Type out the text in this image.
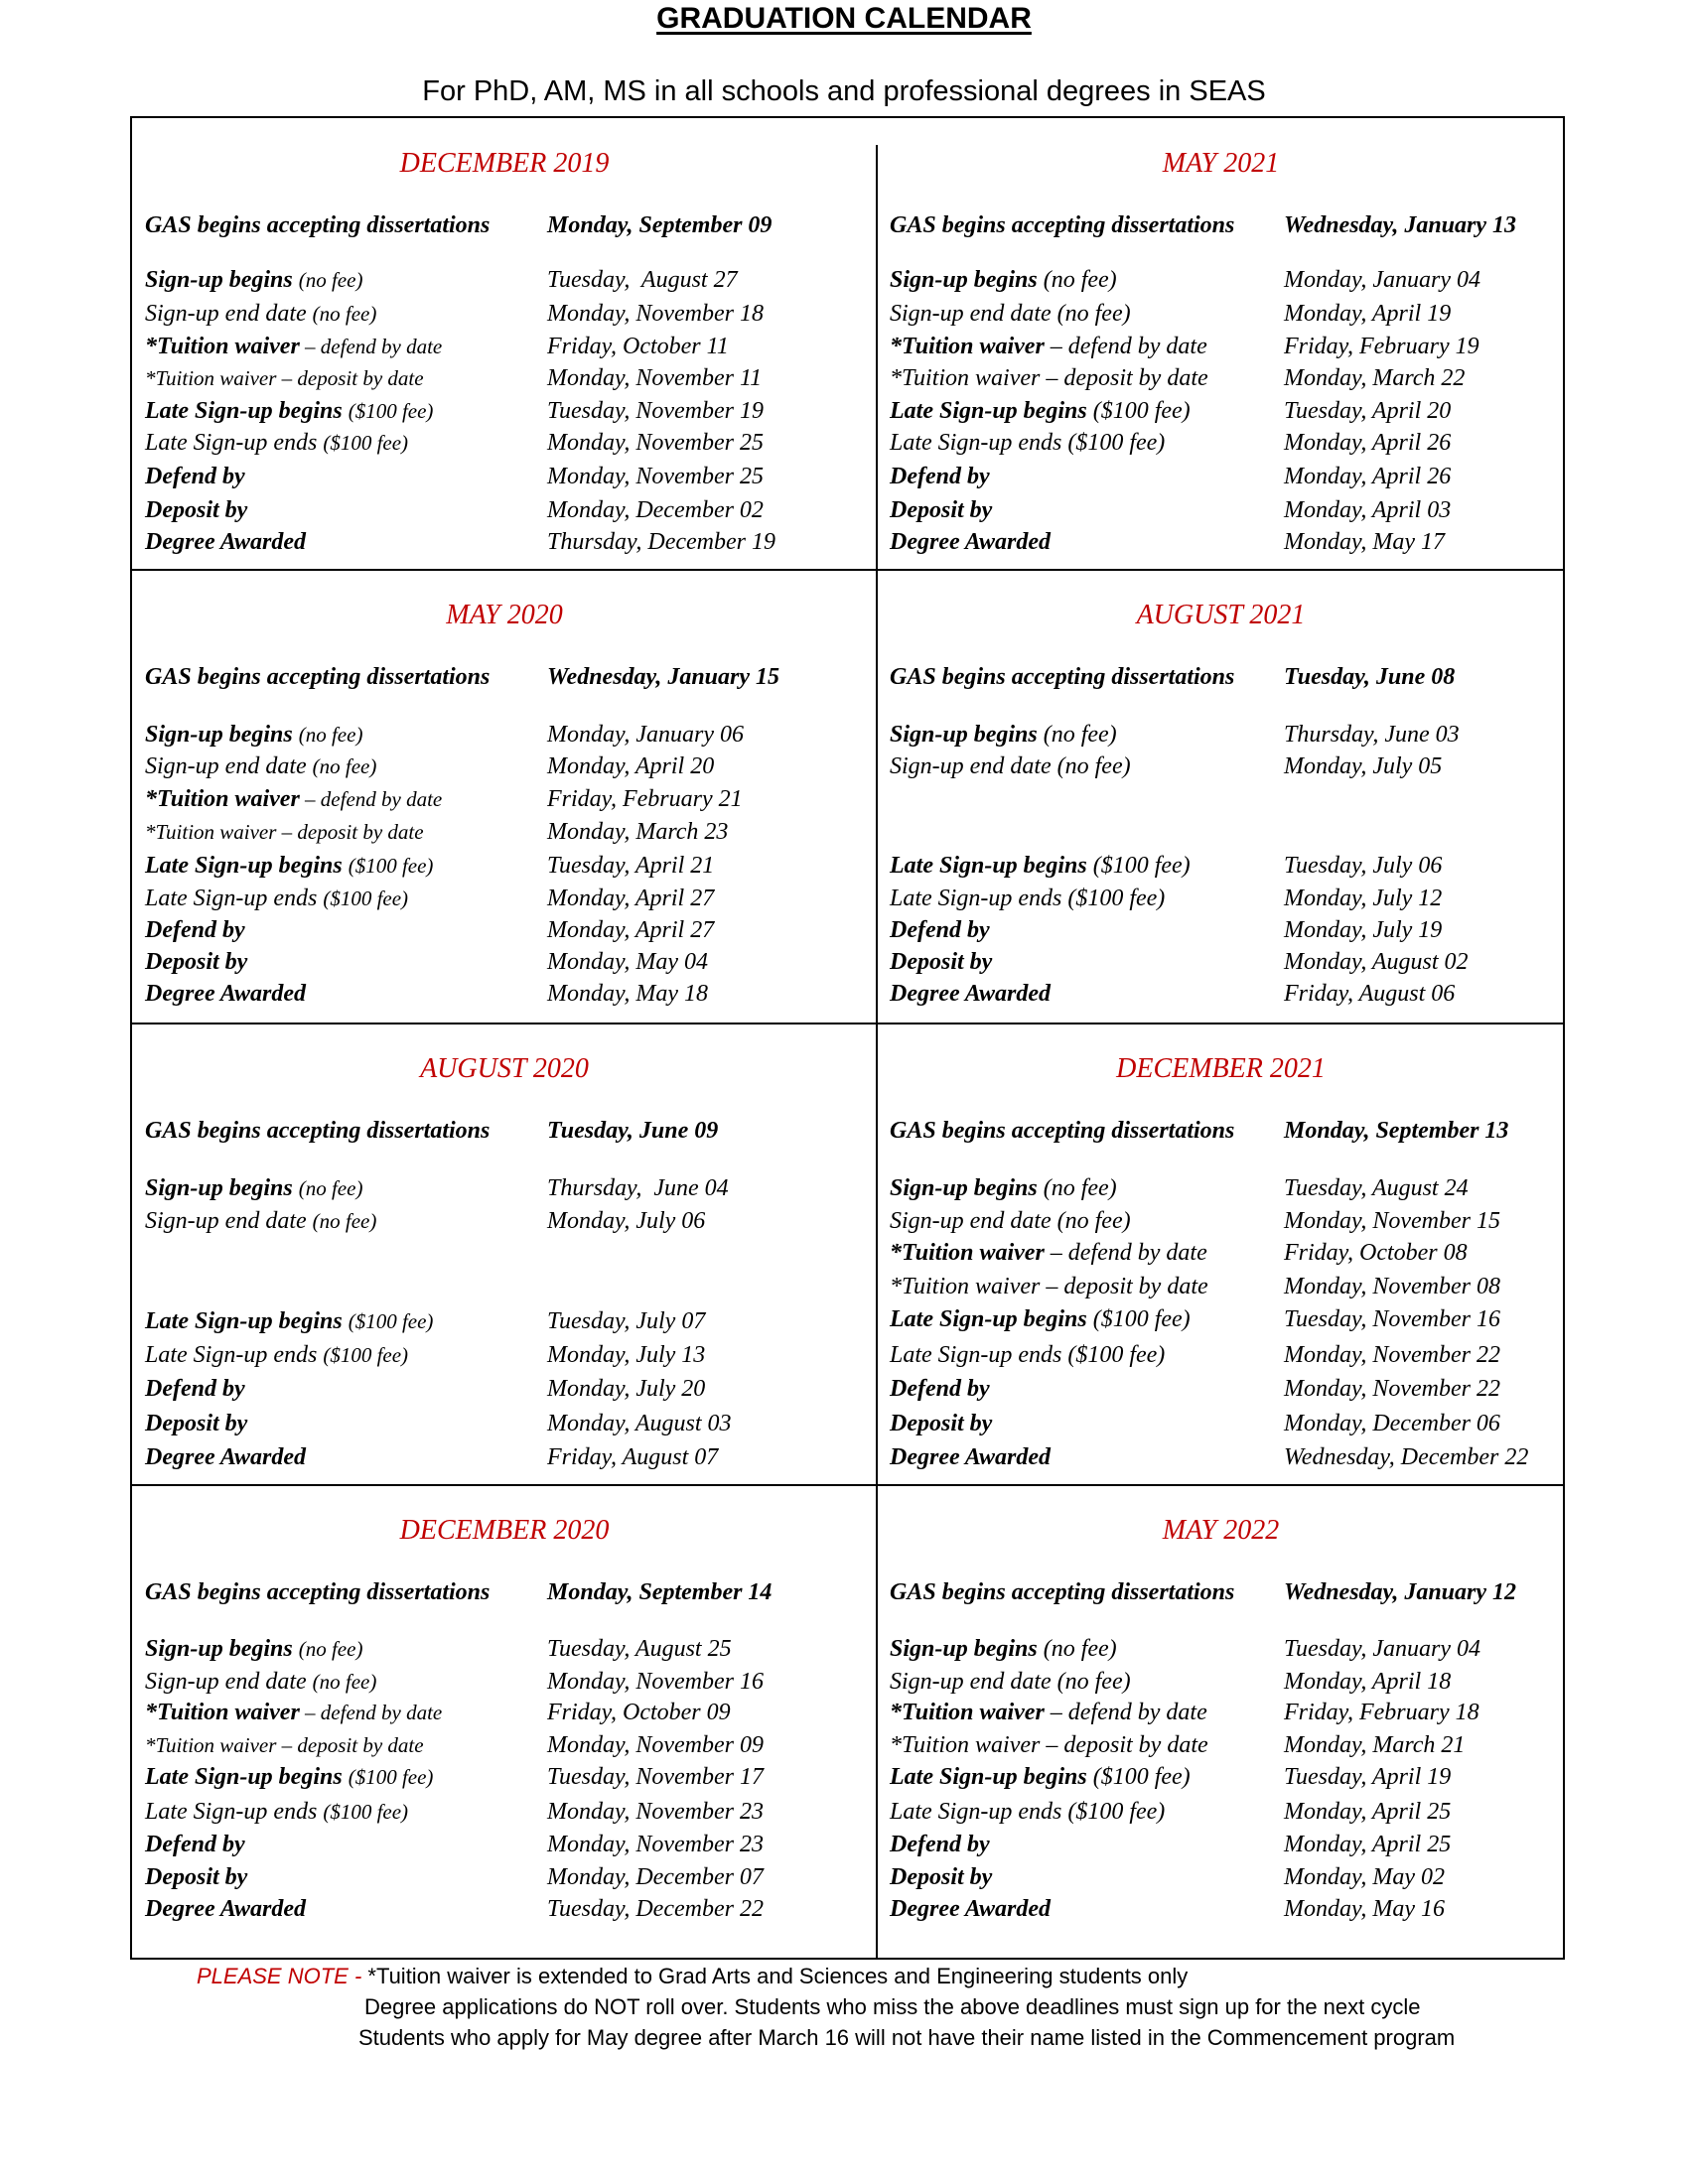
GRADUATION CALENDAR
For PhD, AM, MS in all schools and professional degrees in SEAS
DECEMBER 2019
GAS begins accepting dissertations Monday, September 09
Sign-up begins (no fee)	Tuesday,  August 27
Sign-up end date (no fee)	Monday, November 18
*Tuition waiver – defend by date	Friday, October 11
*Tuition waiver – deposit by date	Monday, November 11
Late Sign-up begins ($100 fee)	Tuesday, November 19
Late Sign-up ends ($100 fee)	Monday, November 25
Defend by	Monday, November 25
Deposit by	Monday, December 02
Degree Awarded	Thursday, December 19
MAY 2021
GAS begins accepting dissertations Wednesday, January 13
Sign-up begins (no fee)	Monday, January 04
Sign-up end date (no fee)	Monday, April 19
*Tuition waiver – defend by date	Friday, February 19
*Tuition waiver – deposit by date	Monday, March 22
Late Sign-up begins ($100 fee)	Tuesday, April 20
Late Sign-up ends ($100 fee)	Monday, April 26
Defend by	Monday, April 26
Deposit by	Monday, April 03
Degree Awarded	Monday, May 17
MAY 2020
GAS begins accepting dissertations Wednesday, January 15
Sign-up begins (no fee)	Monday, January 06
Sign-up end date (no fee)	Monday, April 20
*Tuition waiver – defend by date	Friday, February 21
*Tuition waiver – deposit by date	Monday, March 23
Late Sign-up begins ($100 fee)	Tuesday, April 21
Late Sign-up ends ($100 fee)	Monday, April 27
Defend by	Monday, April 27
Deposit by	Monday, May 04
Degree Awarded	Monday, May 18
AUGUST 2021
GAS begins accepting dissertations Tuesday, June 08
Sign-up begins (no fee)	Thursday, June 03
Sign-up end date (no fee)	Monday, July 05
Late Sign-up begins ($100 fee)	Tuesday, July 06
Late Sign-up ends ($100 fee)	Monday, July 12
Defend by	Monday, July 19
Deposit by	Monday, August 02
Degree Awarded	Friday, August 06
AUGUST 2020
GAS begins accepting dissertations Tuesday, June 09
Sign-up begins (no fee)	Thursday,  June 04
Sign-up end date (no fee)	Monday, July 06
Late Sign-up begins ($100 fee)	Tuesday, July 07
Late Sign-up ends ($100 fee)	Monday, July 13
Defend by	Monday, July 20
Deposit by	Monday, August 03
Degree Awarded	Friday, August 07
DECEMBER 2021
GAS begins accepting dissertations Monday, September 13
Sign-up begins (no fee)	Tuesday, August 24
Sign-up end date (no fee)	Monday, November 15
*Tuition waiver – defend by date	Friday, October 08
*Tuition waiver – deposit by date	Monday, November 08
Late Sign-up begins ($100 fee)	Tuesday, November 16
Late Sign-up ends ($100 fee)	Monday, November 22
Defend by	Monday, November 22
Deposit by	Monday, December 06
Degree Awarded	Wednesday, December 22
DECEMBER 2020
GAS begins accepting dissertations Monday, September 14
Sign-up begins (no fee)	Tuesday, August 25
Sign-up end date (no fee)	Monday, November 16
*Tuition waiver – defend by date	Friday, October 09
*Tuition waiver – deposit by date	Monday, November 09
Late Sign-up begins ($100 fee)	Tuesday, November 17
Late Sign-up ends ($100 fee)	Monday, November 23
Defend by	Monday, November 23
Deposit by	Monday, December 07
Degree Awarded	Tuesday, December 22
MAY 2022
GAS begins accepting dissertations Wednesday, January 12
Sign-up begins (no fee)	Tuesday, January 04
Sign-up end date (no fee)	Monday, April 18
*Tuition waiver – defend by date	Friday, February 18
*Tuition waiver – deposit by date	Monday, March 21
Late Sign-up begins ($100 fee)	Tuesday, April 19
Late Sign-up ends ($100 fee)	Monday, April 25
Defend by	Monday, April 25
Deposit by	Monday, May 02
Degree Awarded	Monday, May 16
PLEASE NOTE - *Tuition waiver is extended to Grad Arts and Sciences and Engineering students only
Degree applications do NOT roll over. Students who miss the above deadlines must sign up for the next cycle
Students who apply for May degree after March 16 will not have their name listed in the Commencement program
